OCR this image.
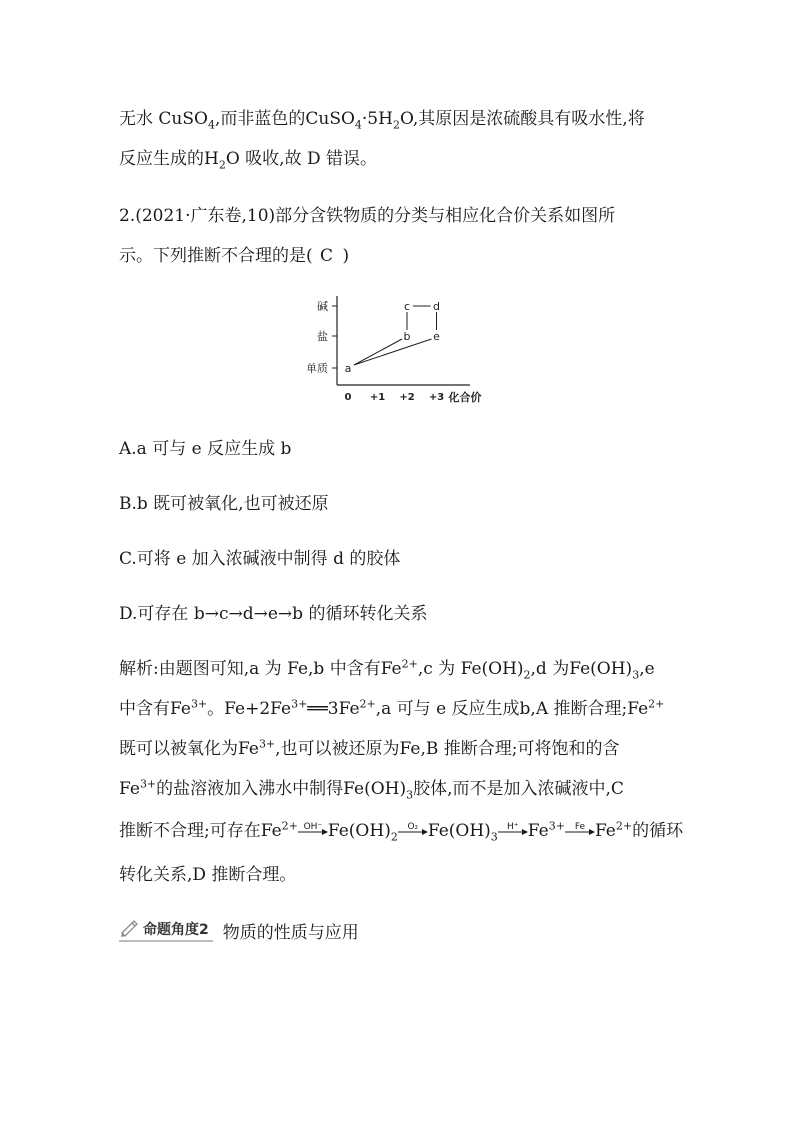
无水 CuSO$_4$,而非蓝色的$CuSO_4\cdot 5H_2O$,其原因是浓硫酸具有吸水性,将
反应生成的$H_2O$ 吸收,故 D 错误。
2.(2021·广东卷,10)部分含铁物质的分类与相应化合价关系如图所
示。下列推断不合理的是( C )
单质
盐
碱
0 +1 +2 +3 化合价
a
b
c d
e
A.a 可与 e 反应生成 b
B.b 既可被氧化,也可被还原
C.可将 e 加入浓碱液中制得 d 的胶体
D.可存在 b→c→d→e→b 的循环转化关系
解析:由题图可知,a 为 Fe,b 中含有$Fe^{2+},c$ 为 $Fe(OH)_2,d$ 为$Fe(OH)_3,e$
中含有$Fe^{3+}$。$Fe+2Fe^{3+}══3Fe^{2+},a$ 可与 e 反应生成b,A 推断合理$;Fe^{2+}$
既可以被氧化为$Fe^{3+}$,也可以被还原为Fe,B 推断合理;可将饱和的含
$Fe^{3+}$的盐溶液加入沸水中制得$Fe(OH)_3$胶体,而不是加入浓碱液中,C
推断不合理;可存在$Fe^{2+}$ OH⁻ $Fe(OH)_2$
O₂ $Fe(OH)_3$
H⁺ $Fe^{3+}$	Fe $Fe^{2+}$的循环
转化关系,D 推断合理。
命题角度2 物质的性质与应用
